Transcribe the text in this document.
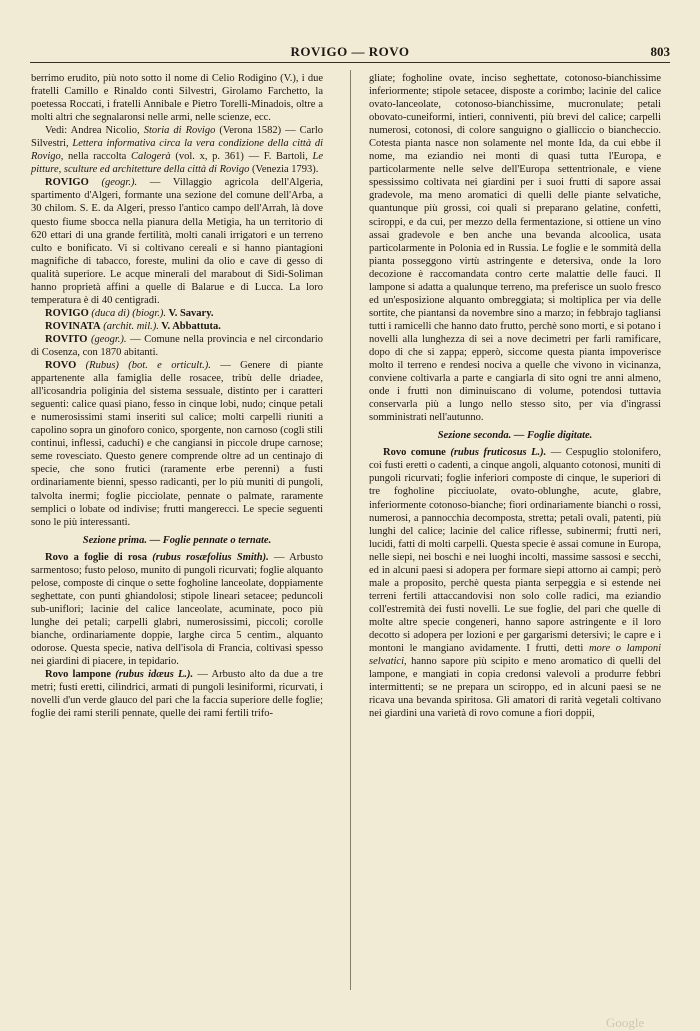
ROVIGO — ROVO	803

berrimo erudito, più noto sotto il nome di Celio Rodigino (V.), i due fratelli Camillo e Rinaldo conti Silvestri, Girolamo Farchetto, la poetessa Roccati, i fratelli Annibale e Pietro Torelli-Minadois, oltre a molti altri che segnalaronsi nelle armi, nelle scienze, ecc.

Vedi: Andrea Nicolio, Storia di Rovigo (Verona 1582) — Carlo Silvestri, Lettera informativa circa la vera condizione della città di Rovigo, nella raccolta Calogerà (vol. x, p. 361) — F. Bartoli, Le pitture, sculture ed architetture della città di Rovigo (Venezia 1793).

ROVIGO (geogr.). — Villaggio agricola dell'Algeria, spartimento d'Algeri, formante una sezione del comune dell'Arba, a 30 chilom. S. E. da Algeri, presso l'antico campo dell'Arrah, là dove questo fiume sbocca nella pianura della Metigia, ha un territorio di 620 ettari di una grande fertilità, molti canali irrigatori e un terreno culto e bonificato. Vi si coltivano cereali e si hanno piantagioni magnifiche di tabacco, foreste, mulini da olio e cave di gesso di qualità superiore. Le acque minerali del marabout di Sidi-Soliman hanno proprietà affini a quelle di Balarue e di Lucca. La loro temperatura è di 40 centigradi.

ROVIGO (duca di) (biogr.). V. Savary.

ROVINATA (archit. mil.). V. Abbattuta.

ROVITO (geogr.). — Comune nella provincia e nel circondario di Cosenza, con 1870 abitanti.

ROVO (Rubus) (bot. e orticult.). — Genere di piante appartenente alla famiglia delle rosacee, tribù delle driadee, all'icosandria poliginia del sistema sessuale, distinto per i caratteri seguenti: calice quasi piano, fesso in cinque lobi, nudo; cinque petali e numerosissimi stami inseriti sul calice; molti carpelli riuniti a capolino sopra un ginoforo conico, sporgente, non carnoso (cogli stili continui, inflessi, caduchi) e che cangiansi in piccole drupe carnose; seme rovesciato. Questo genere comprende oltre ad un centinajo di specie, che sono frutici (raramente erbe perenni) a fusti ordinariamente bienni, spesso radicanti, per lo più muniti di pungoli, talvolta inermi; foglie picciolate, pennate o palmate, raramente semplici o lobate od indivise; frutti mangerecci. Le specie seguenti sono le più interessanti.

Sezione prima. — Foglie pennate o ternate.

Rovo a foglie di rosa (rubus rosæfolius Smith). — Arbusto sarmentoso; fusto peloso, munito di pungoli ricurvati; foglie alquanto pelose, composte di cinque o sette fogholine lanceolate, doppiamente seghettate, con punti ghiandolosi; stipole lineari setacee; peduncoli sub-uniflori; lacinie del calice lanceolate, acuminate, poco più lunghe dei petali; carpelli glabri, numerosissimi, piccoli; corolle bianche, ordinariamente doppie, larghe circa 5 centim., alquanto odorose. Questa specie, nativa dell'isola di Francia, coltivasi spesso nei giardini di piacere, in tepidario.

Rovo lampone (rubus idæus L.). — Arbusto alto da due a tre metri; fusti eretti, cilindrici, armati di pungoli lesiniformi, ricurvati, i novelli d'un verde glauco del pari che la faccia superiore delle foglie; foglie dei rami sterili pennate, quelle dei rami fertili trifo-

gliate; fogholine ovate, inciso seghettate, cotonoso-bianchissime inferiormente; stipole setacee, disposte a corimbo; lacinie del calice ovato-lanceolate, cotonoso-bianchissime, mucronulate; petali obovato-cuneiformi, intieri, conniventi, più brevi del calice; carpelli numerosi, cotonosi, di colore sanguigno o gialliccio o biancheccio. Cotesta pianta nasce non solamente nel monte Ida, da cui ebbe il nome, ma eziandio nei monti di quasi tutta l'Europa, e particolarmente nelle selve dell'Europa settentrionale, e viene spessissimo coltivata nei giardini per i suoi frutti di sapore assai gradevole, ma meno aromatici di quelli delle piante selvatiche, quantunque più grossi, coi quali si preparano gelatine, confetti, sciroppi, e da cui, per mezzo della fermentazione, si ottiene un vino assai gradevole e ben anche una bevanda alcoolica, usata particolarmente in Polonia ed in Russia. Le foglie e le sommità della pianta posseggono virtù astringente e detersiva, onde la loro decozione è raccomandata contro certe malattie delle fauci. Il lampone si adatta a qualunque terreno, ma preferisce un suolo fresco ed un'esposizione alquanto ombreggiata; si moltiplica per via delle sortite, che piantansi da novembre sino a marzo; in febbrajo tagliansi tutti i ramicelli che hanno dato frutto, perchè sono morti, e si potano i novelli alla lunghezza di sei a nove decimetri per farli ramificare, dopo di che si zappa; epperò, siccome questa pianta impoverisce molto il terreno e rendesi nociva a quelle che vivono in vicinanza, conviene coltivarla a parte e cangiarla di sito ogni tre anni almeno, onde i frutti non diminuiscano di volume, potendosi tuttavia conservarla più a lungo nello stesso sito, per via d'ingrassi somministrati nell'autunno.

Sezione seconda. — Foglie digitate.

Rovo comune (rubus fruticosus L.). — Cespuglio stolonifero, coi fusti eretti o cadenti, a cinque angoli, alquanto cotonosi, muniti di pungoli ricurvati; foglie inferiori composte di cinque, le superiori di tre fogholine picciuolate, ovato-oblunghe, acute, glabre, inferiormente cotonoso-bianche; fiori ordinariamente bianchi o rossi, numerosi, a pannocchia decomposta, stretta; petali ovali, patenti, più lunghi del calice; lacinie del calice riflesse, subinermi; frutti neri, lucidi, fatti di molti carpelli. Questa specie è assai comune in Europa, nelle siepi, nei boschi e nei luoghi incolti, massime sassosi e secchi, ed in alcuni paesi si adopera per formare siepi attorno ai campi; però male a proposito, perchè questa pianta serpeggia e si estende nei terreni fertili attaccandovisi non solo colle radici, ma eziandio coll'estremità dei fusti novelli. Le sue foglie, del pari che quelle di molte altre specie congeneri, hanno sapore astringente e il loro decotto si adopera per lozioni e per gargarismi detersivi; le capre e i montoni le mangiano avidamente. I frutti, detti more o lamponi selvatici, hanno sapore più scipito e meno aromatico di quelli del lampone, e mangiati in copia credonsi valevoli a produrre febbri intermittenti; se ne prepara un sciroppo, ed in alcuni paesi se ne ricava una bevanda spiritosa. Gli amatori di rarità vegetali coltivano nei giardini una varietà di rovo comune a fiori doppii,

Google
